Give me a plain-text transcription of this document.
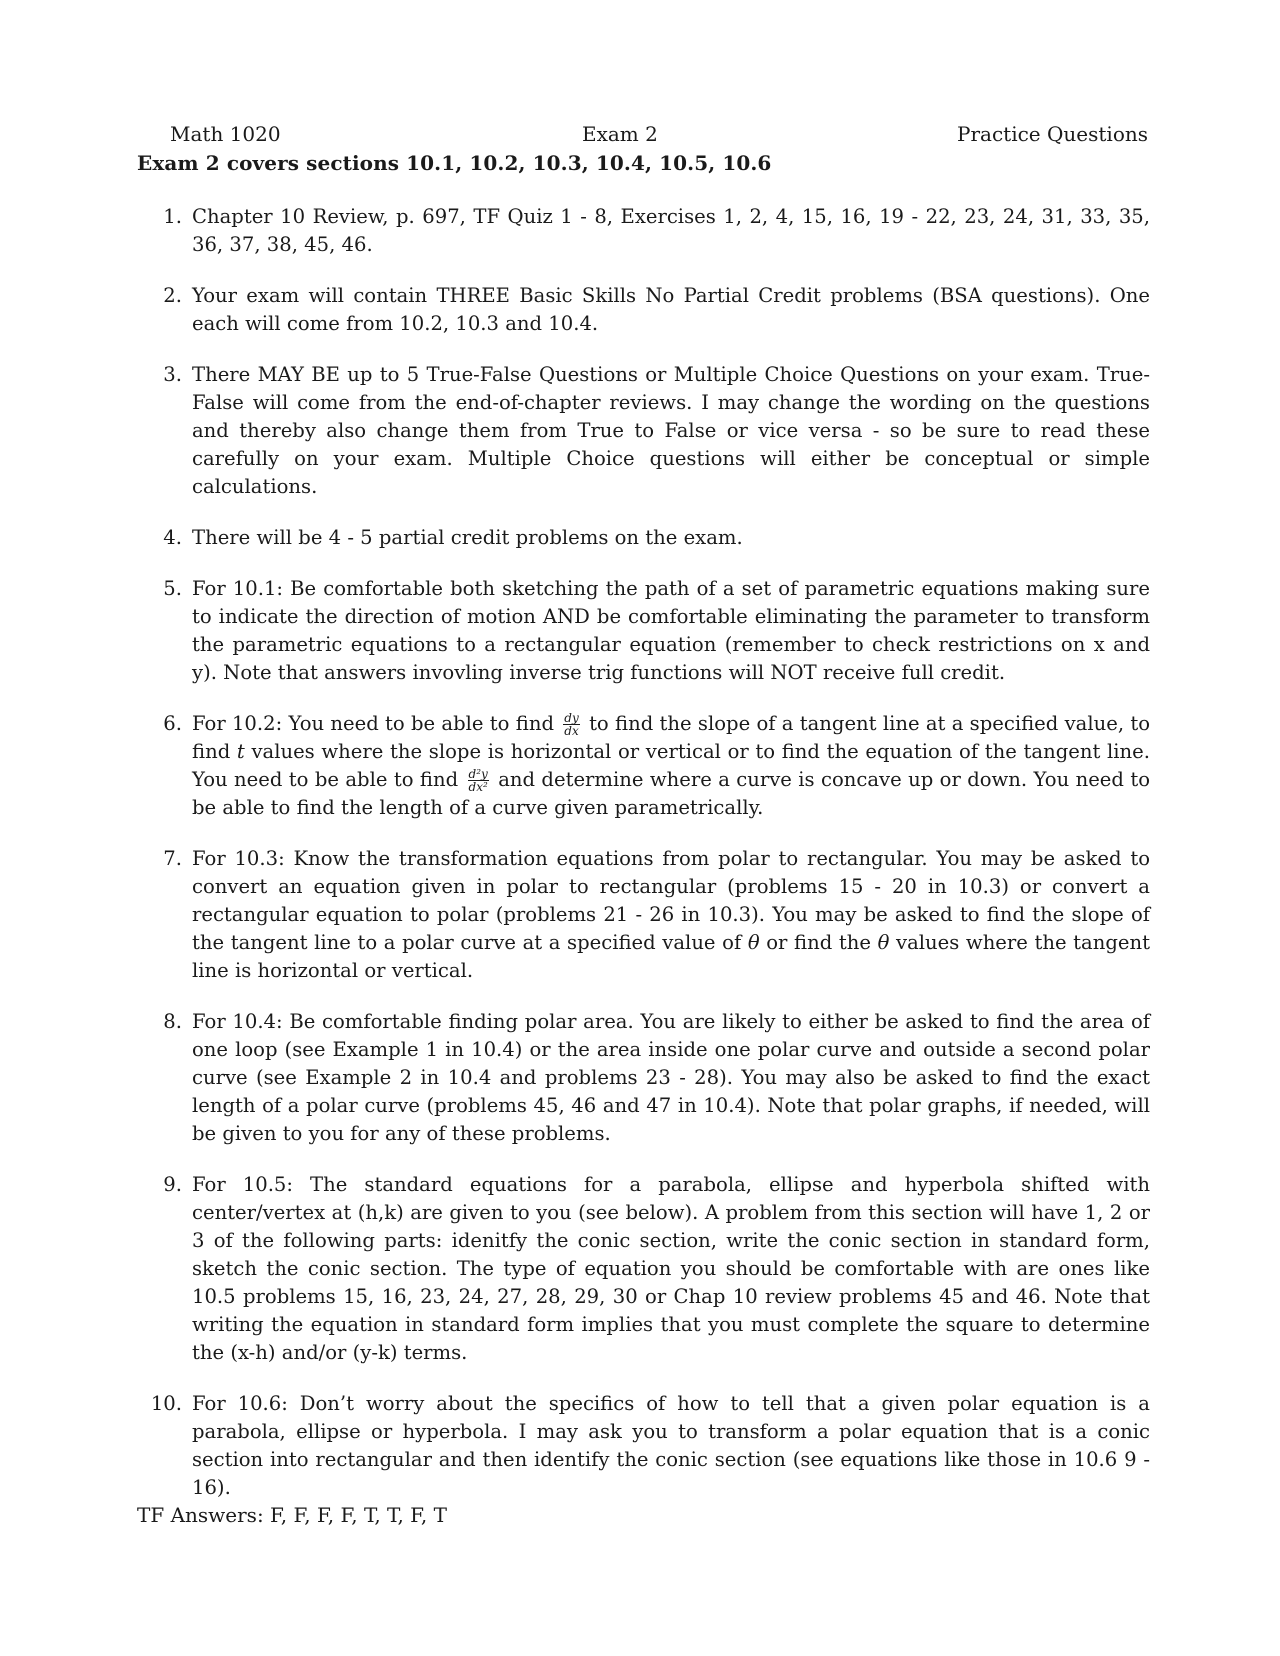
Math 1020	Exam 2	Practice Questions
Exam 2 covers sections 10.1, 10.2, 10.3, 10.4, 10.5, 10.6
1. Chapter 10 Review, p. 697, TF Quiz 1 - 8, Exercises 1, 2, 4, 15, 16, 19 - 22, 23, 24, 31, 33, 35, 36, 37, 38, 45, 46.
2. Your exam will contain THREE Basic Skills No Partial Credit problems (BSA questions). One each will come from 10.2, 10.3 and 10.4.
3. There MAY BE up to 5 True-False Questions or Multiple Choice Questions on your exam. True-False will come from the end-of-chapter reviews. I may change the wording on the questions and thereby also change them from True to False or vice versa - so be sure to read these carefully on your exam. Multiple Choice questions will either be conceptual or simple calculations.
4. There will be 4 - 5 partial credit problems on the exam.
5. For 10.1: Be comfortable both sketching the path of a set of parametric equations making sure to indicate the direction of motion AND be comfortable eliminating the parameter to transform the parametric equations to a rectangular equation (remember to check restrictions on x and y). Note that answers invovling inverse trig functions will NOT receive full credit.
6. For 10.2: You need to be able to find $\frac{dy}{dx}$ to find the slope of a tangent line at a specified value, to find t values where the slope is horizontal or vertical or to find the equation of the tangent line. You need to be able to find $\frac{\text{d²y}}{\text{dx²}}$ and determine where a curve is concave up or down. You need to be able to find the length of a curve given parametrically.
7. For 10.3: Know the transformation equations from polar to rectangular. You may be asked to convert an equation given in polar to rectangular (problems 15 - 20 in 10.3) or convert a rectangular equation to polar (problems 21 - 26 in 10.3). You may be asked to find the slope of the tangent line to a polar curve at a specified value of θ or find the θ values where the tangent line is horizontal or vertical.
8. For 10.4: Be comfortable finding polar area. You are likely to either be asked to find the area of one loop (see Example 1 in 10.4) or the area inside one polar curve and outside a second polar curve (see Example 2 in 10.4 and problems 23 - 28). You may also be asked to find the exact length of a polar curve (problems 45, 46 and 47 in 10.4). Note that polar graphs, if needed, will be given to you for any of these problems.
9. For 10.5: The standard equations for a parabola, ellipse and hyperbola shifted with center/vertex at (h,k) are given to you (see below). A problem from this section will have 1, 2 or 3 of the following parts: idenitfy the conic section, write the conic section in standard form, sketch the conic section. The type of equation you should be comfortable with are ones like 10.5 problems 15, 16, 23, 24, 27, 28, 29, 30 or Chap 10 review problems 45 and 46. Note that writing the equation in standard form implies that you must complete the square to determine the (x-h) and/or (y-k) terms.
10. For 10.6: Don’t worry about the specifics of how to tell that a given polar equation is a parabola, ellipse or hyperbola. I may ask you to transform a polar equation that is a conic section into rectangular and then identify the conic section (see equations like those in 10.6 9 - 16).
TF Answers: F, F, F, F, T, T, F, T
